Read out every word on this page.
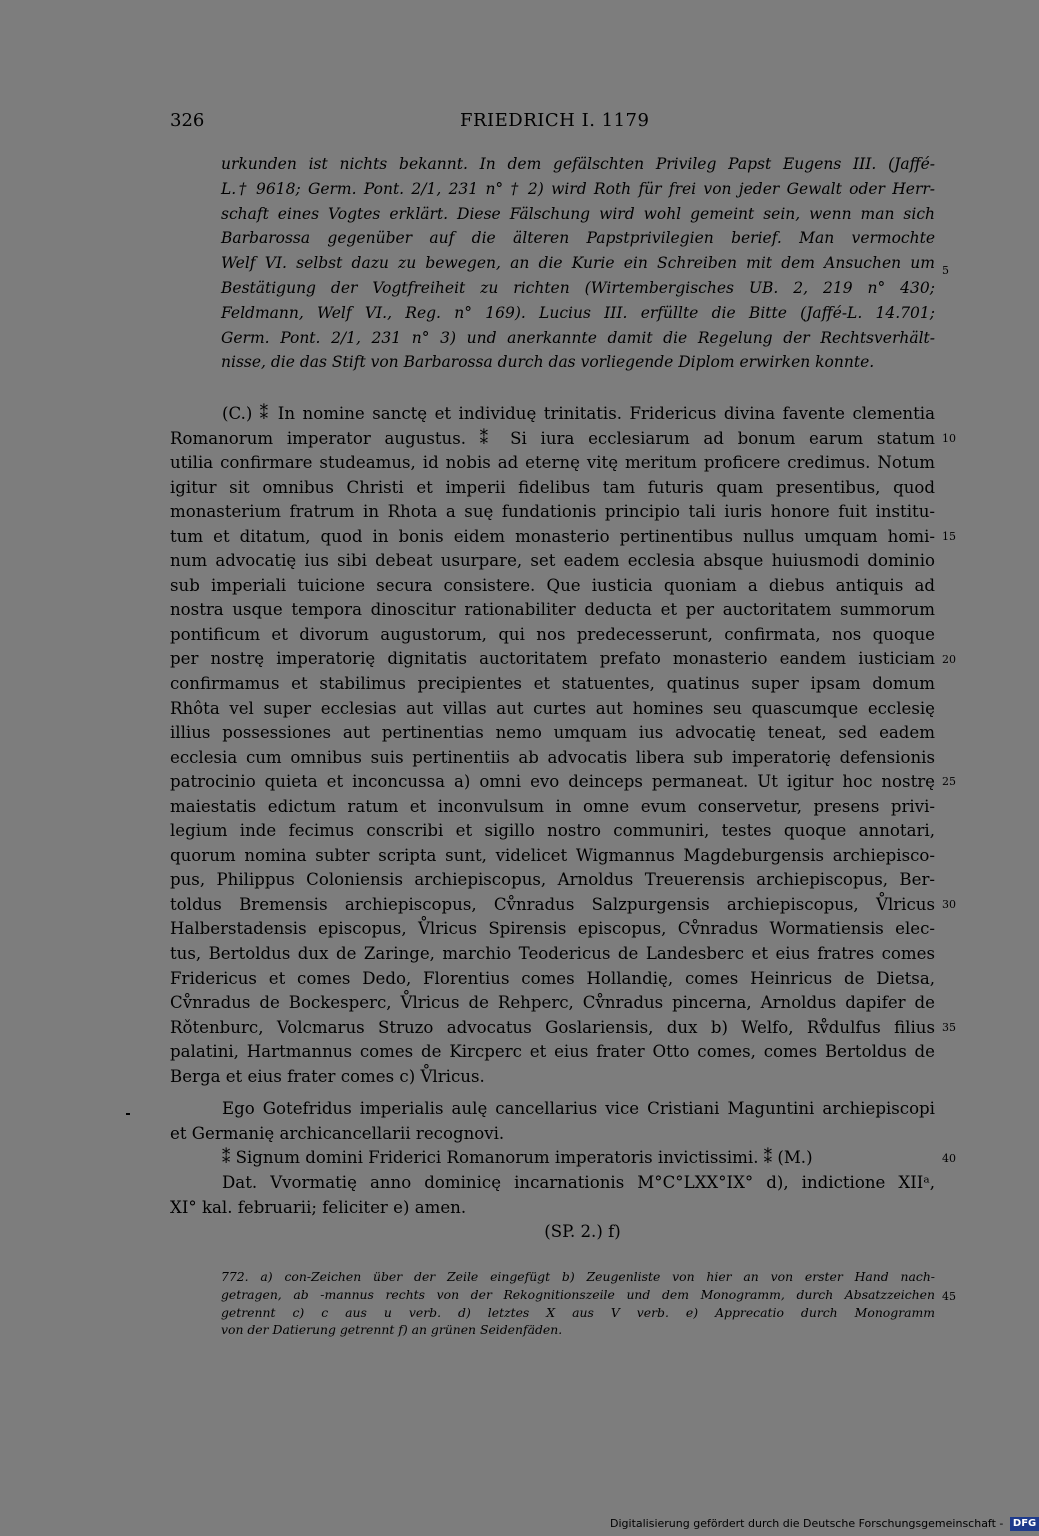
326	FRIEDRICH I. 1179
urkunden ist nichts bekannt. In dem gefälschten Privileg Papst Eugens III. (Jaffé-
L.† 9618; Germ. Pont. 2/1, 231 n° † 2) wird Roth für frei von jeder Gewalt oder Herr-
schaft eines Vogtes erklärt. Diese Fälschung wird wohl gemeint sein, wenn man sich
Barbarossa gegenüber auf die älteren Papstprivilegien berief. Man vermochte
Welf VI. selbst dazu zu bewegen, an die Kurie ein Schreiben mit dem Ansuchen um
Bestätigung der Vogtfreiheit zu richten (Wirtembergisches UB. 2, 219 n° 430;
Feldmann, Welf VI., Reg. n° 169). Lucius III. erfüllte die Bitte (Jaffé-L. 14.701;
Germ. Pont. 2/1, 231 n° 3) und anerkannte damit die Regelung der Rechtsverhält-
nisse, die das Stift von Barbarossa durch das vorliegende Diplom erwirken konnte.
(C.) ⁑ In nomine sanctę et individuę trinitatis. Fridericus divina favente clementia
Romanorum imperator augustus. ⁑ Si iura ecclesiarum ad bonum earum statum
utilia confirmare studeamus, id nobis ad eternę vitę meritum proficere credimus. Notum
igitur sit omnibus Christi et imperii fidelibus tam futuris quam presentibus, quod
monasterium fratrum in Rhota a suę fundationis principio tali iuris honore fuit institu-
tum et ditatum, quod in bonis eidem monasterio pertinentibus nullus umquam homi-
num advocatię ius sibi debeat usurpare, set eadem ecclesia absque huiusmodi dominio
sub imperiali tuicione secura consistere. Que iusticia quoniam a diebus antiquis ad
nostra usque tempora dinoscitur rationabiliter deducta et per auctoritatem summorum
pontificum et divorum augustorum, qui nos predecesserunt, confirmata, nos quoque
per nostrę imperatorię dignitatis auctoritatem prefato monasterio eandem iusticiam
confirmamus et stabilimus precipientes et statuentes, quatinus super ipsam domum
Rhôta vel super ecclesias aut villas aut curtes aut homines seu quascumque ecclesię
illius possessiones aut pertinentias nemo umquam ius advocatię teneat, sed eadem
ecclesia cum omnibus suis pertinentiis ab advocatis libera sub imperatorię defensionis
patrocinio quieta et inconcussa a) omni evo deinceps permaneat. Ut igitur hoc nostrę
maiestatis edictum ratum et inconvulsum in omne evum conservetur, presens privi-
legium inde fecimus conscribi et sigillo nostro communiri, testes quoque annotari,
quorum nomina subter scripta sunt, videlicet Wigmannus Magdeburgensis archiepisco-
pus, Philippus Coloniensis archiepiscopus, Arnoldus Treuerensis archiepiscopus, Ber-
toldus Bremensis archiepiscopus, Cv̊nradus Salzpurgensis archiepiscopus, V̊lricus
Halberstadensis episcopus, V̊lricus Spirensis episcopus, Cv̊nradus Wormatiensis elec-
tus, Bertoldus dux de Zaringe, marchio Teodericus de Landesberc et eius fratres comes
Fridericus et comes Dedo, Florentius comes Hollandię, comes Heinricus de Dietsa,
Cv̊nradus de Bockesperc, V̊lricus de Rehperc, Cv̊nradus pincerna, Arnoldus dapifer de
Rǒtenburc, Volcmarus Struzo advocatus Goslariensis, dux b) Welfo, Rv̊dulfus filius
palatini, Hartmannus comes de Kircperc et eius frater Otto comes, comes Bertoldus de
Berga et eius frater comes c) V̊lricus.
Ego Gotefridus imperialis aulę cancellarius vice Cristiani Maguntini archiepiscopi
et Germanię archicancellarii recognovi.
⁑ Signum domini Friderici Romanorum imperatoris invictissimi. ⁑ (M.)
Dat. Vvormatię anno dominicę incarnationis M°C°LXX°IX° d), indictione XIIᵃ,
XI° kal. februarii; feliciter e) amen.
(SP. 2.) f)
5
10
15
20
25
30
35
40
45
772. a) con-Zeichen über der Zeile eingefügt b) Zeugenliste von hier an von erster Hand nach-
getragen, ab -mannus rechts von der Rekognitionszeile und dem Monogramm, durch Absatzzeichen
getrennt c) c aus u verb. d) letztes X aus V verb. e) Apprecatio durch Monogramm
von der Datierung getrennt f) an grünen Seidenfäden.
Digitalisierung gefördert durch die Deutsche Forschungsgemeinschaft - DFG
